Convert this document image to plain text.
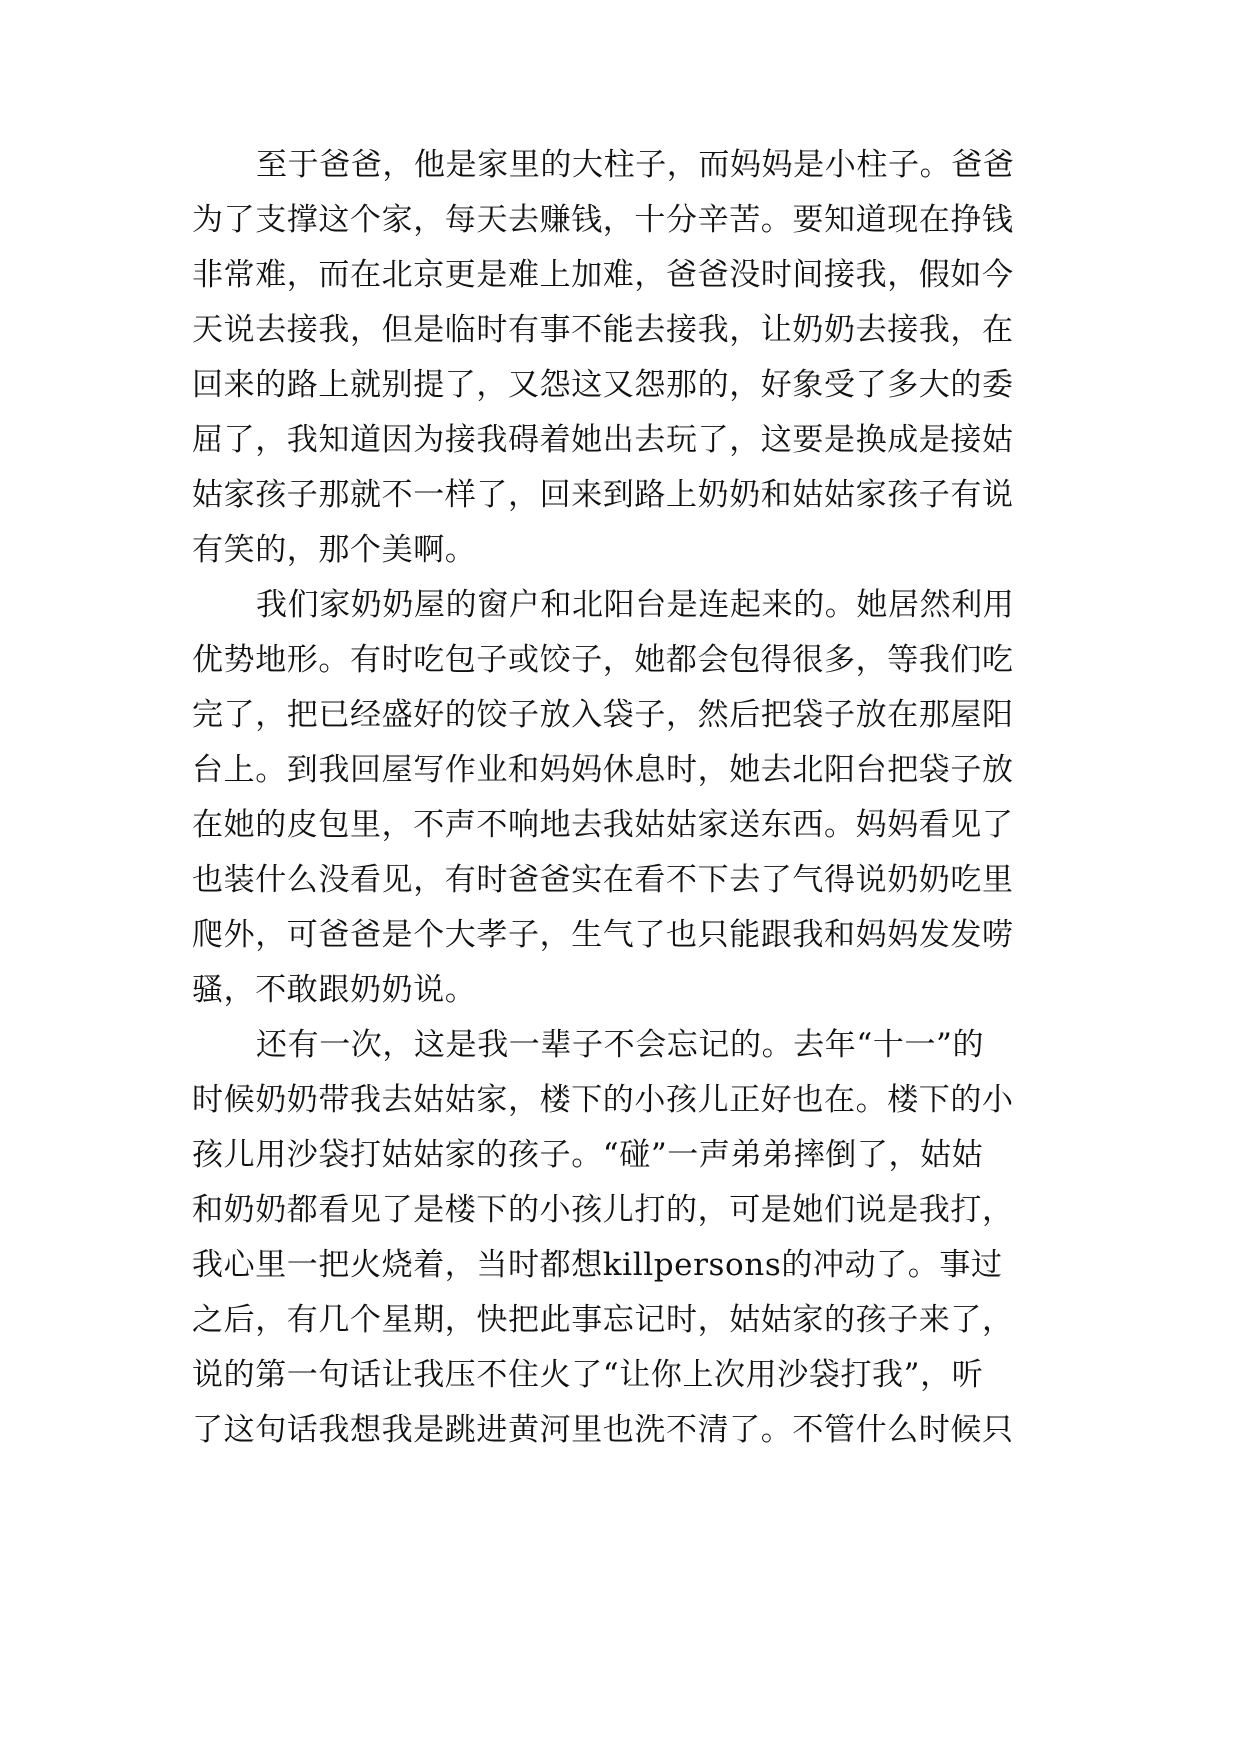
至于爸爸，他是家里的大柱子，而妈妈是小柱子。爸爸
为了支撑这个家，每天去赚钱，十分辛苦。要知道现在挣钱
非常难，而在北京更是难上加难，爸爸没时间接我，假如今
天说去接我，但是临时有事不能去接我，让奶奶去接我，在
回来的路上就别提了，又怨这又怨那的，好象受了多大的委
屈了，我知道因为接我碍着她出去玩了，这要是换成是接姑
姑家孩子那就不一样了，回来到路上奶奶和姑姑家孩子有说
有笑的，那个美啊。
我们家奶奶屋的窗户和北阳台是连起来的。她居然利用
优势地形。有时吃包子或饺子，她都会包得很多，等我们吃
完了，把已经盛好的饺子放入袋子，然后把袋子放在那屋阳
台上。到我回屋写作业和妈妈休息时，她去北阳台把袋子放
在她的皮包里，不声不响地去我姑姑家送东西。妈妈看见了
也装什么没看见，有时爸爸实在看不下去了气得说奶奶吃里
爬外，可爸爸是个大孝子，生气了也只能跟我和妈妈发发唠
骚，不敢跟奶奶说。
还有一次，这是我一辈子不会忘记的。去年“十一”的
时候奶奶带我去姑姑家，楼下的小孩儿正好也在。楼下的小
孩儿用沙袋打姑姑家的孩子。“碰”一声弟弟摔倒了，姑姑
和奶奶都看见了是楼下的小孩儿打的，可是她们说是我打，
我心里一把火烧着，当时都想killpersons的冲动了。事过
之后，有几个星期，快把此事忘记时，姑姑家的孩子来了，
说的第一句话让我压不住火了“让你上次用沙袋打我”，听
了这句话我想我是跳进黄河里也洗不清了。不管什么时候只
